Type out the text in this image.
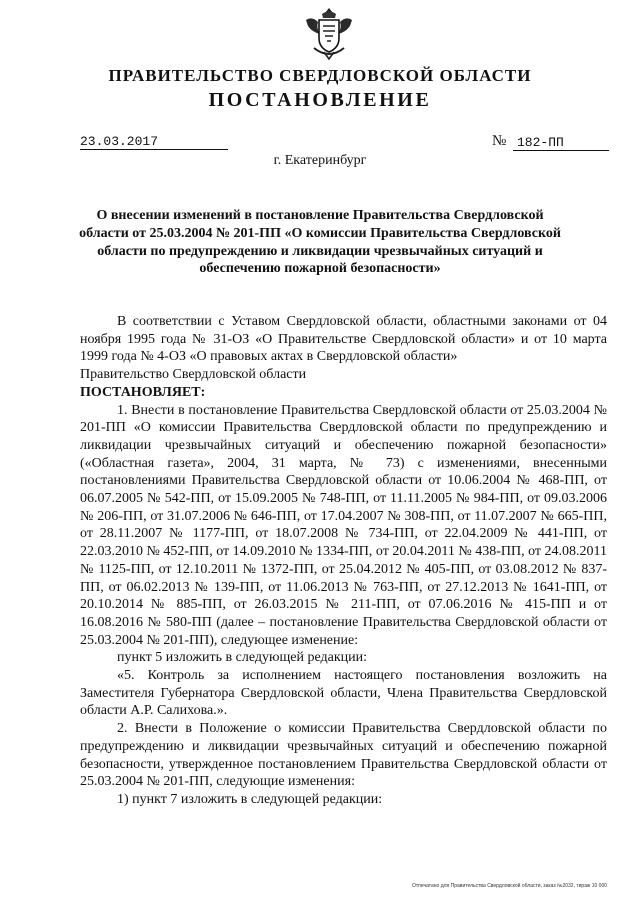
ПРАВИТЕЛЬСТВО СВЕРДЛОВСКОЙ ОБЛАСТИ
ПОСТАНОВЛЕНИЕ
23.03.2017	№ 182-ПП
г. Екатеринбург
О внесении изменений в постановление Правительства Свердловской области от 25.03.2004 № 201-ПП «О комиссии Правительства Свердловской области по предупреждению и ликвидации чрезвычайных ситуаций и обеспечению пожарной безопасности»

В соответствии с Уставом Свердловской области, областными законами от 04 ноября 1995 года № 31-ОЗ «О Правительстве Свердловской области» и от 10 марта 1999 года № 4-ОЗ «О правовых актах в Свердловской области»

Правительство Свердловской области

ПОСТАНОВЛЯЕТ:

1. Внести в постановление Правительства Свердловской области от 25.03.2004 № 201-ПП «О комиссии Правительства Свердловской области по предупреждению и ликвидации чрезвычайных ситуаций и обеспечению пожарной безопасности» («Областная газета», 2004, 31 марта, № 73) с изменениями, внесенными постановлениями Правительства Свердловской области от 10.06.2004 № 468-ПП, от 06.07.2005 № 542-ПП, от 15.09.2005 № 748-ПП, от 11.11.2005 № 984-ПП, от 09.03.2006 № 206-ПП, от 31.07.2006 № 646-ПП, от 17.04.2007 № 308-ПП, от 11.07.2007 № 665-ПП, от 28.11.2007 № 1177-ПП, от 18.07.2008 № 734-ПП, от 22.04.2009 № 441-ПП, от 22.03.2010 № 452-ПП, от 14.09.2010 № 1334-ПП, от 20.04.2011 № 438-ПП, от 24.08.2011 № 1125-ПП, от 12.10.2011 № 1372-ПП, от 25.04.2012 № 405-ПП, от 03.08.2012 № 837-ПП, от 06.02.2013 № 139-ПП, от 11.06.2013 № 763-ПП, от 27.12.2013 № 1641-ПП, от 20.10.2014 № 885-ПП, от 26.03.2015 № 211-ПП, от 07.06.2016 № 415-ПП и от 16.08.2016 № 580-ПП (далее – постановление Правительства Свердловской области от 25.03.2004 № 201-ПП), следующее изменение:

пункт 5 изложить в следующей редакции:

«5. Контроль за исполнением настоящего постановления возложить на Заместителя Губернатора Свердловской области, Члена Правительства Свердловской области А.Р. Салихова.».

2. Внести в Положение о комиссии Правительства Свердловской области по предупреждению и ликвидации чрезвычайных ситуаций и обеспечению пожарной безопасности, утвержденное постановлением Правительства Свердловской области от 25.03.2004 № 201-ПП, следующие изменения:

1) пункт 7 изложить в следующей редакции:

Отпечатано для Правительства Свердловской области, заказ №2032, тираж 10 000
